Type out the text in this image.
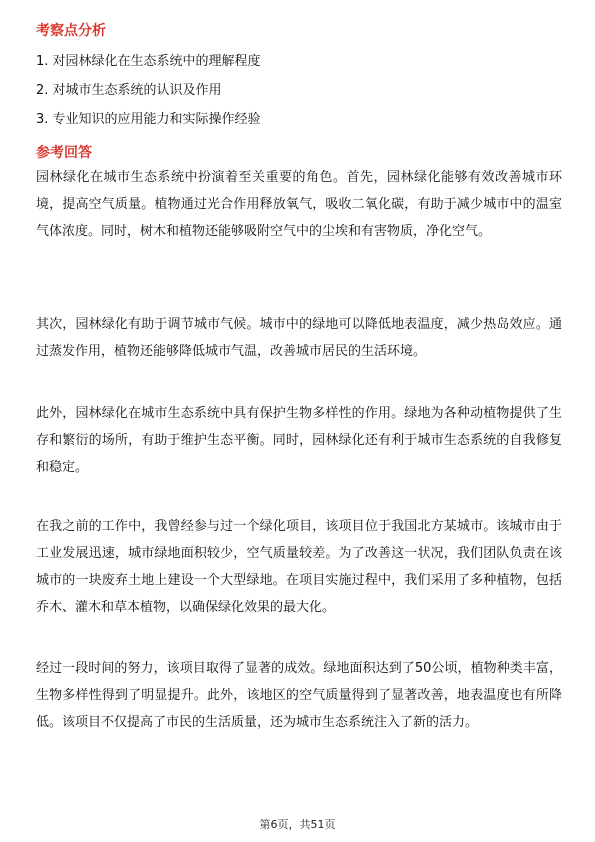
考察点分析

1. 对园林绿化在生态系统中的理解程度

2. 对城市生态系统的认识及作用

3. 专业知识的应用能力和实际操作经验

参考回答

园林绿化在城市生态系统中扮演着至关重要的角色。首先，园林绿化能够有效改善城市环境，提高空气质量。植物通过光合作用释放氧气，吸收二氧化碳，有助于减少城市中的温室气体浓度。同时，树木和植物还能够吸附空气中的尘埃和有害物质，净化空气。

其次，园林绿化有助于调节城市气候。城市中的绿地可以降低地表温度，减少热岛效应。通过蒸发作用，植物还能够降低城市气温，改善城市居民的生活环境。

此外，园林绿化在城市生态系统中具有保护生物多样性的作用。绿地为各种动植物提供了生存和繁衍的场所，有助于维护生态平衡。同时，园林绿化还有利于城市生态系统的自我修复和稳定。

在我之前的工作中，我曾经参与过一个绿化项目，该项目位于我国北方某城市。该城市由于工业发展迅速，城市绿地面积较少，空气质量较差。为了改善这一状况，我们团队负责在该城市的一块废弃土地上建设一个大型绿地。在项目实施过程中，我们采用了多种植物，包括乔木、灌木和草本植物，以确保绿化效果的最大化。

经过一段时间的努力，该项目取得了显著的成效。绿地面积达到了50公顷，植物种类丰富，生物多样性得到了明显提升。此外，该地区的空气质量得到了显著改善，地表温度也有所降低。该项目不仅提高了市民的生活质量，还为城市生态系统注入了新的活力。

第6页，共51页
